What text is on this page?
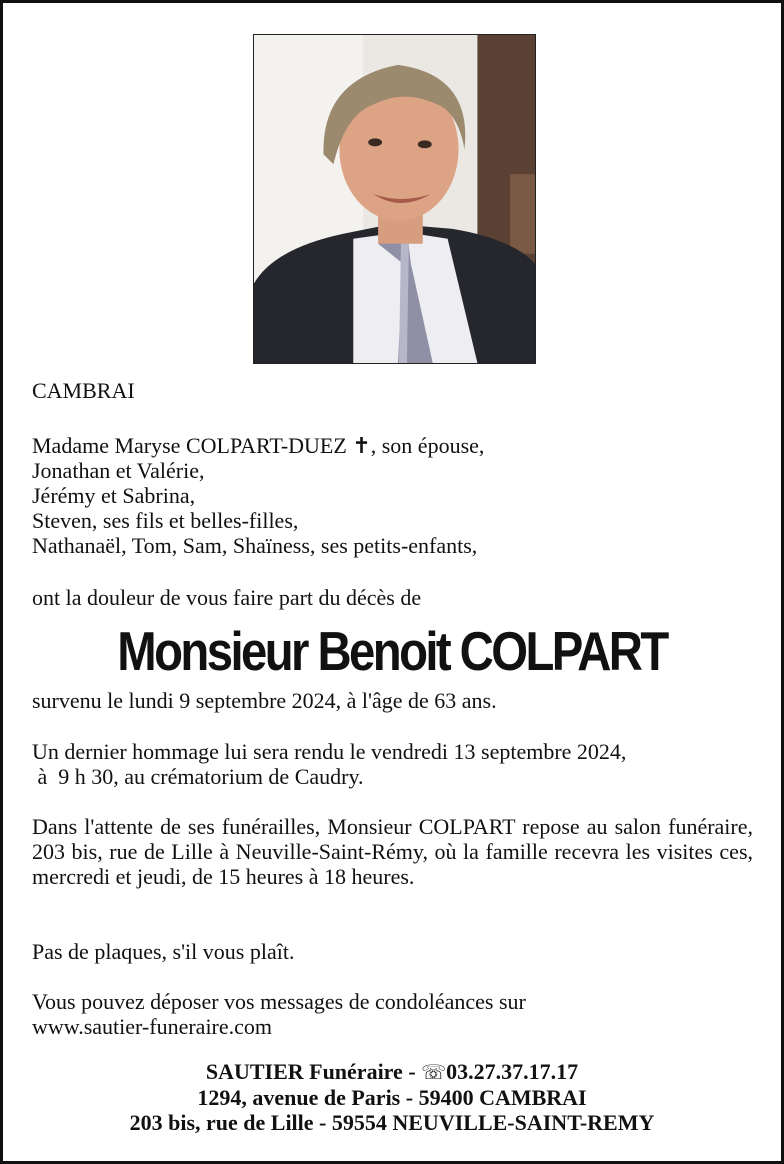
CAMBRAI

Madame Maryse COLPART-DUEZ ✝, son épouse,

Jonathan et Valérie,

Jérémy et Sabrina,

Steven, ses fils et belles-filles,

Nathanaël, Tom, Sam, Shaïness, ses petits-enfants,

ont la douleur de vous faire part du décès de

Monsieur Benoit COLPART

survenu le lundi 9 septembre 2024, à l'âge de 63 ans.

Un dernier hommage lui sera rendu le vendredi 13 septembre 2024,

à  9 h 30, au crématorium de Caudry.

Dans l'attente de ses funérailles, Monsieur COLPART repose au salon funéraire, 203 bis, rue de Lille à Neuville-Saint-Rémy, où la famille recevra les visites ces, mercredi et jeudi, de 15 heures à 18 heures.

Pas de plaques, s'il vous plaît.

Vous pouvez déposer vos messages de condoléances sur

www.sautier-funeraire.com

SAUTIER Funéraire - ☏03.27.37.17.17
1294, avenue de Paris - 59400 CAMBRAI
203 bis, rue de Lille - 59554 NEUVILLE-SAINT-REMY
